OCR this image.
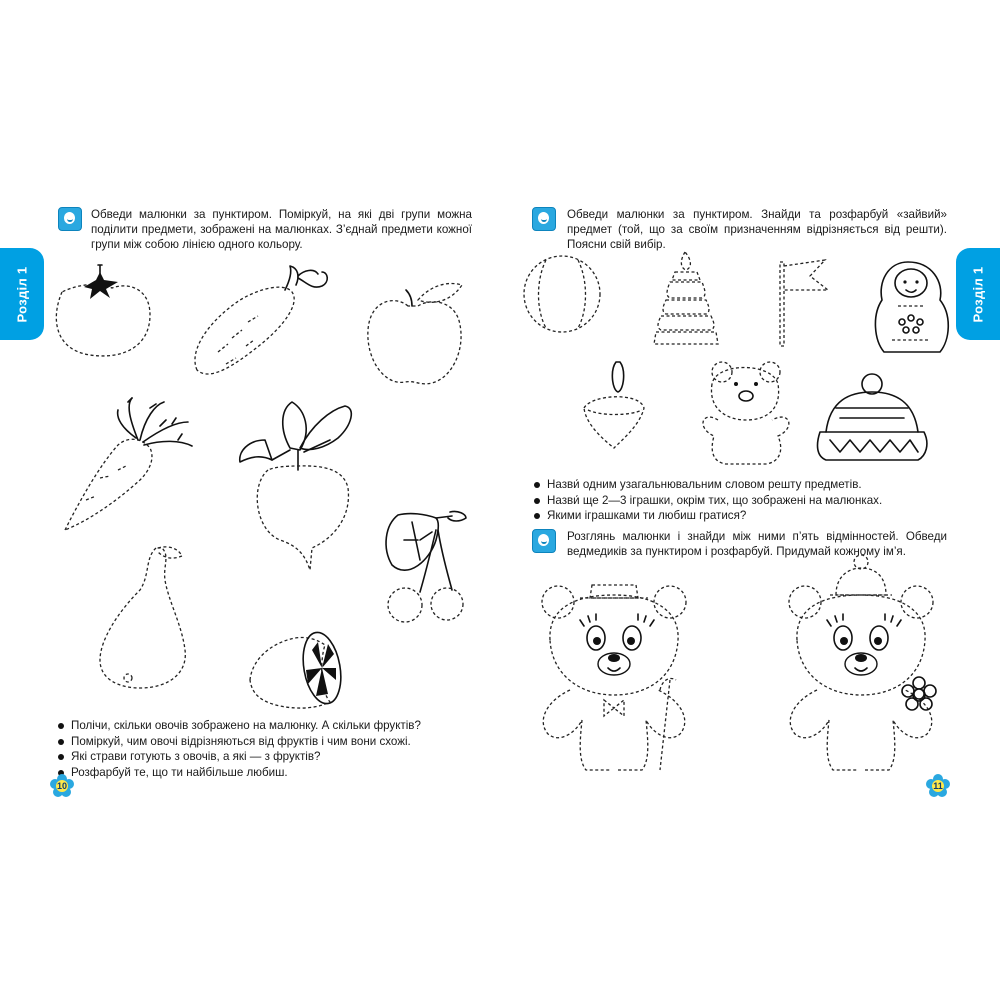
Розділ 1

Обведи малюнки за пунктиром. Поміркуй, на які дві групи можна поділити предмети, зображені на малюнках. З’єднай предмети кожної групи між собою лінією одного кольору.

Полічи, скільки овочів зображено на малюнку. А скільки фруктів?
Поміркуй, чим овочі відрізняються від фруктів і чим вони схожі.
Які страви готують з овочів, а які — з фруктів?
Розфарбуй те, що ти найбільше любиш.
10
Розділ 1

Обведи малюнки за пунктиром. Знайди та розфарбуй «зайвий» предмет (той, що за своїм призначенням відрізняється від решти). Поясни свій вибір.

Назви́ одним узагальнювальним словом решту предметів.
Назви́ ще 2—3 іграшки, окрім тих, що зображені на малюнках.
Якими іграшками ти любиш гратися?

Розглянь малюнки і знайди між ними п’ять відмінностей. Обведи ведмедиків за пунктиром і розфарбуй. Придумай кожному ім’я.

11
